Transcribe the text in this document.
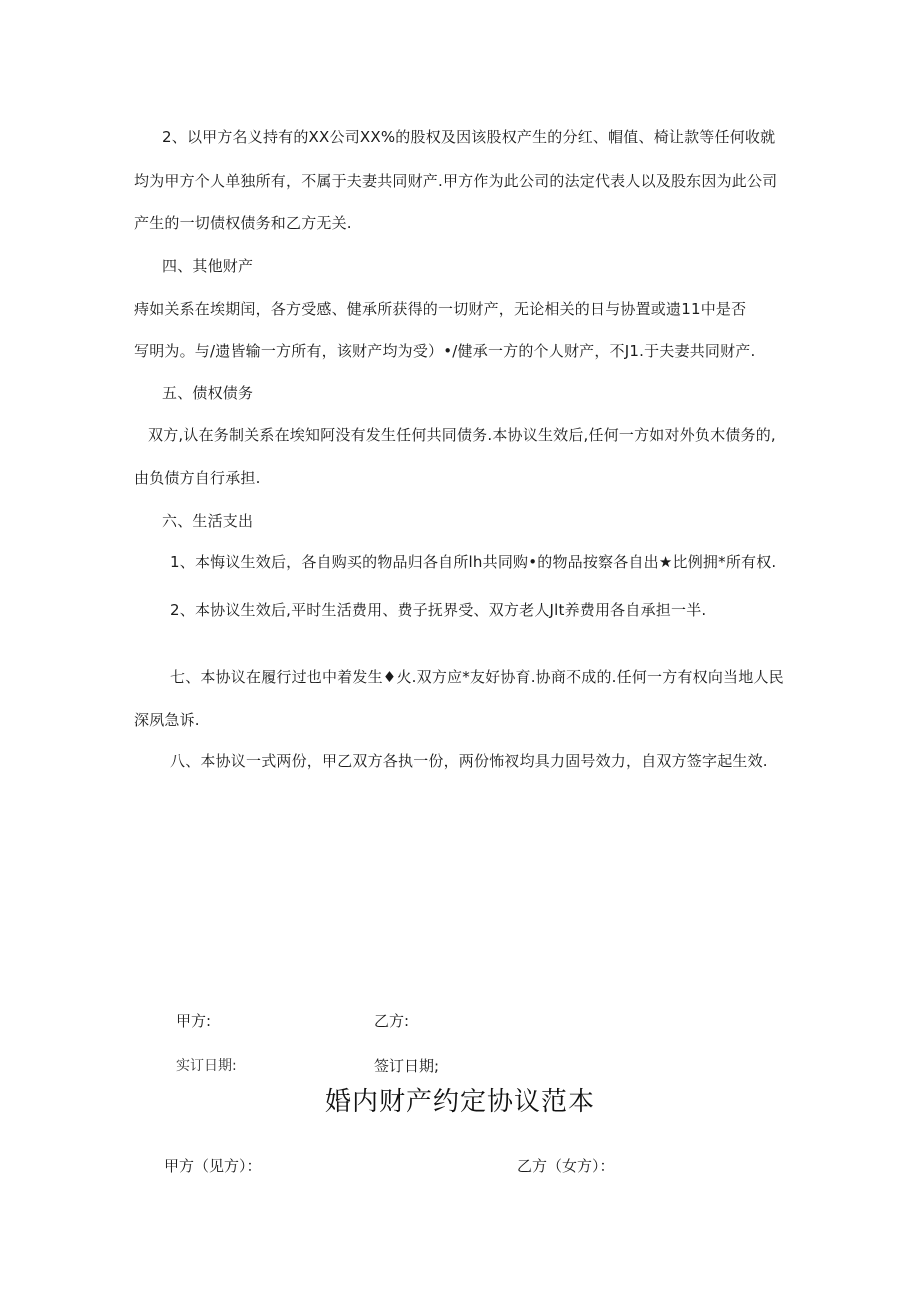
2、以甲方名义持有的XX公司XX%的股权及因该股权产生的分红、帽值、椅让款等任何收就
均为甲方个人单独所有，不属于夫妻共同财产.甲方作为此公司的法定代表人以及股东因为此公司
产生的一切债权债务和乙方无关.
四、其他财产
痔如关系在埃期闰，各方受感、健承所获得的一切财产，无论相关的日与协置或遗11中是否
写明为。与/遗皆输一方所有，该财产均为受）•/健承一方的个人财产，不J1.于夫妻共同财产.
五、债权债务
双方,认在务制关系在埃知阿没有发生任何共同债务.本协议生效后,任何一方如对外负木债务的,
由负债方自行承担.
六、生活支出
1、本悔议生效后，各自购买的物品归各自所lh共同购•的物品按察各自出★比例拥*所有权.
2、本协议生效后,平时生活费用、费子抚界受、双方老人Jlt养费用各自承担一半.
七、本协议在履行过也中着发生♦火.双方应*友好协育.协商不成的.任何一方有权向当地人民
深夙急诉.
八、本协议一式两份，甲乙双方各执一份，两份怖衩均具力固号效力，自双方签字起生效.
甲方:	乙方:
实订日期:	签订日期;
婚内财产约定协议范本
甲方（见方）：	乙方（女方）：
